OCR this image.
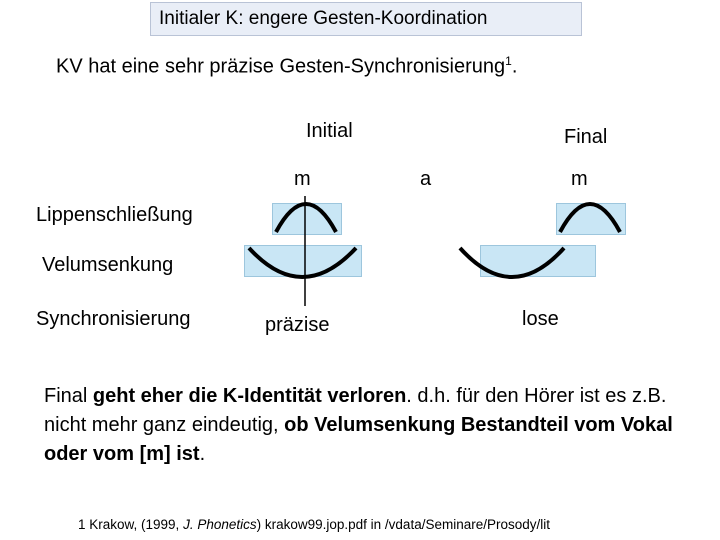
Initialer K: engere Gesten-Koordination
KV hat eine sehr präzise Gesten-Synchronisierung$^1$.
Initial	Final
m	a	m
Lippenschließung
Velumsenkung
Synchronisierung	präzise	lose
Final geht eher die K-Identität verloren. d.h. für den Hörer ist es z.B. nicht mehr ganz eindeutig, ob Velumsenkung Bestandteil vom Vokal oder vom [m] ist.
1 Krakow, (1999, J. Phonetics) krakow99.jop.pdf in /vdata/Seminare/Prosody/lit
